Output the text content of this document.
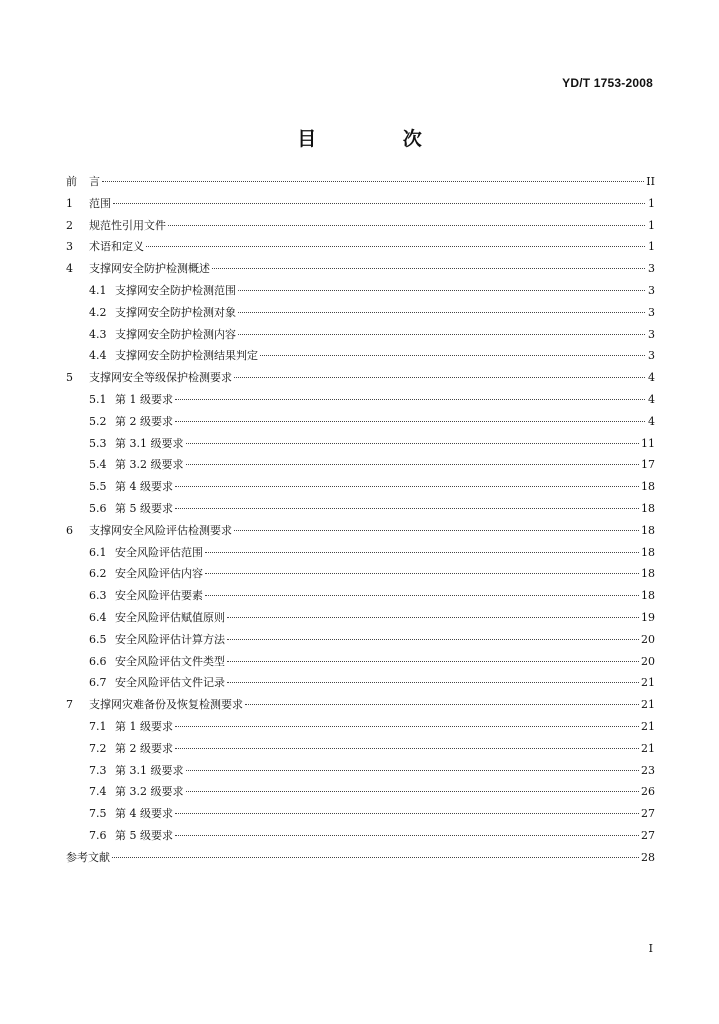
YD/T 1753-2008
目 次
前	言	II
1	范围	1
2	规范性引用文件	1
3	术语和定义	1
4	支撑网安全防护检测概述	3
4.1 支撑网安全防护检测范围	3
4.2 支撑网安全防护检测对象	3
4.3 支撑网安全防护检测内容	3
4.4 支撑网安全防护检测结果判定	3
5	支撑网安全等级保护检测要求	4
5.1 第 1 级要求	4
5.2 第 2 级要求	4
5.3 第 3.1 级要求	11
5.4 第 3.2 级要求	17
5.5 第 4 级要求	18
5.6 第 5 级要求	18
6	支撑网安全风险评估检测要求	18
6.1 安全风险评估范围	18
6.2 安全风险评估内容	18
6.3 安全风险评估要素	18
6.4 安全风险评估赋值原则	19
6.5 安全风险评估计算方法	20
6.6 安全风险评估文件类型	20
6.7 安全风险评估文件记录	21
7	支撑网灾难备份及恢复检测要求	21
7.1 第 1 级要求	21
7.2 第 2 级要求	21
7.3 第 3.1 级要求	23
7.4 第 3.2 级要求	26
7.5 第 4 级要求	27
7.6 第 5 级要求	27
参考文献	28
I
